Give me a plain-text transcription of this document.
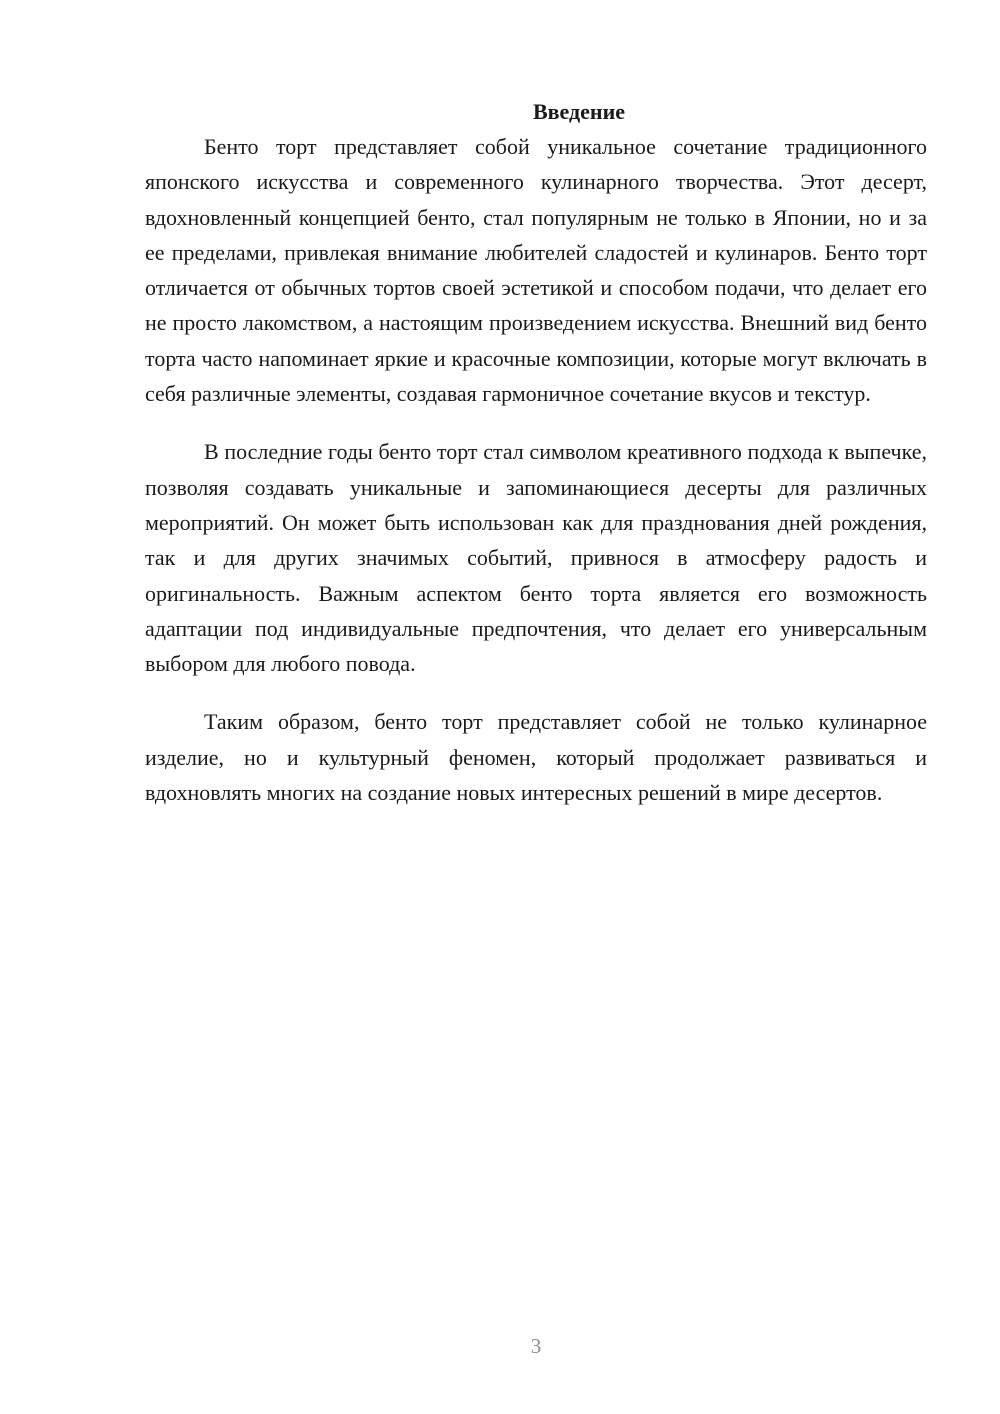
Введение

Бенто торт представляет собой уникальное сочетание традиционного японского искусства и современного кулинарного творчества. Этот десерт, вдохновленный концепцией бенто, стал популярным не только в Японии, но и за ее пределами, привлекая внимание любителей сладостей и кулинаров. Бенто торт отличается от обычных тортов своей эстетикой и способом подачи, что делает его не просто лакомством, а настоящим произведением искусства. Внешний вид бенто торта часто напоминает яркие и красочные композиции, которые могут включать в себя различные элементы, создавая гармоничное сочетание вкусов и текстур.

В последние годы бенто торт стал символом креативного подхода к выпечке, позволяя создавать уникальные и запоминающиеся десерты для различных мероприятий. Он может быть использован как для празднования дней рождения, так и для других значимых событий, привнося в атмосферу радость и оригинальность. Важным аспектом бенто торта является его возможность адаптации под индивидуальные предпочтения, что делает его универсальным выбором для любого повода.

Таким образом, бенто торт представляет собой не только кулинарное изделие, но и культурный феномен, который продолжает развиваться и вдохновлять многих на создание новых интересных решений в мире десертов.

3
